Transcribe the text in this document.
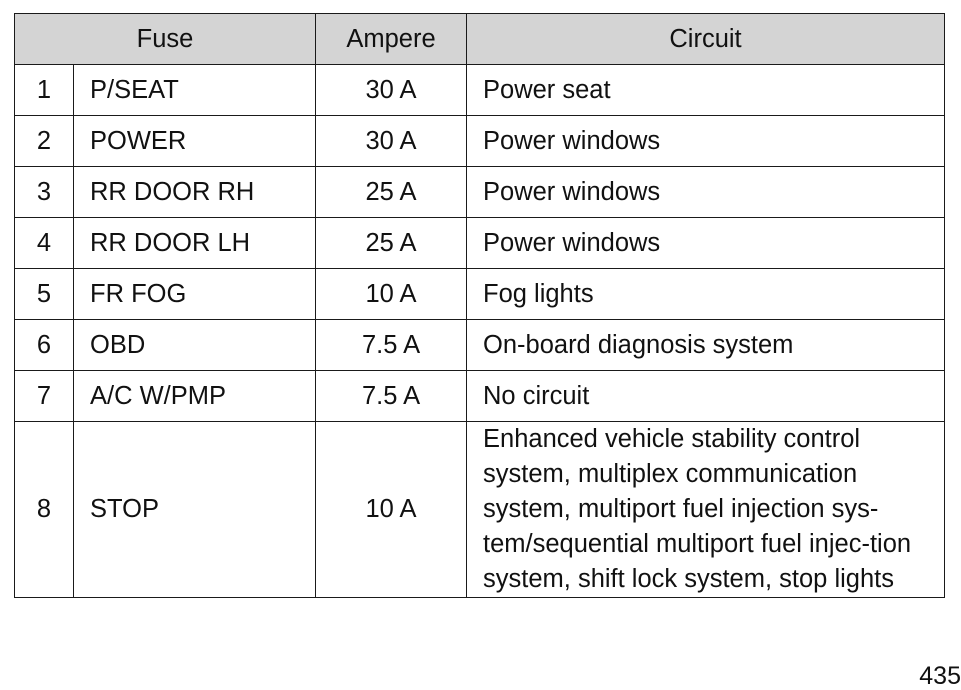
Fuse		Ampere	Circuit
1	P/SEAT	30 A	Power seat
2	POWER	30 A	Power windows
3	RR DOOR RH	25 A	Power windows
4	RR DOOR LH	25 A	Power windows
5	FR FOG	10 A	Fog lights
6	OBD	7.5 A	On-board diagnosis system
7	A/C W/PMP	7.5 A	No circuit
8	STOP	10 A	Enhanced vehicle stability control system, multiplex communication system, multiport fuel injection sys-tem/sequential multiport fuel injec-tion system, shift lock system, stop lights
435
